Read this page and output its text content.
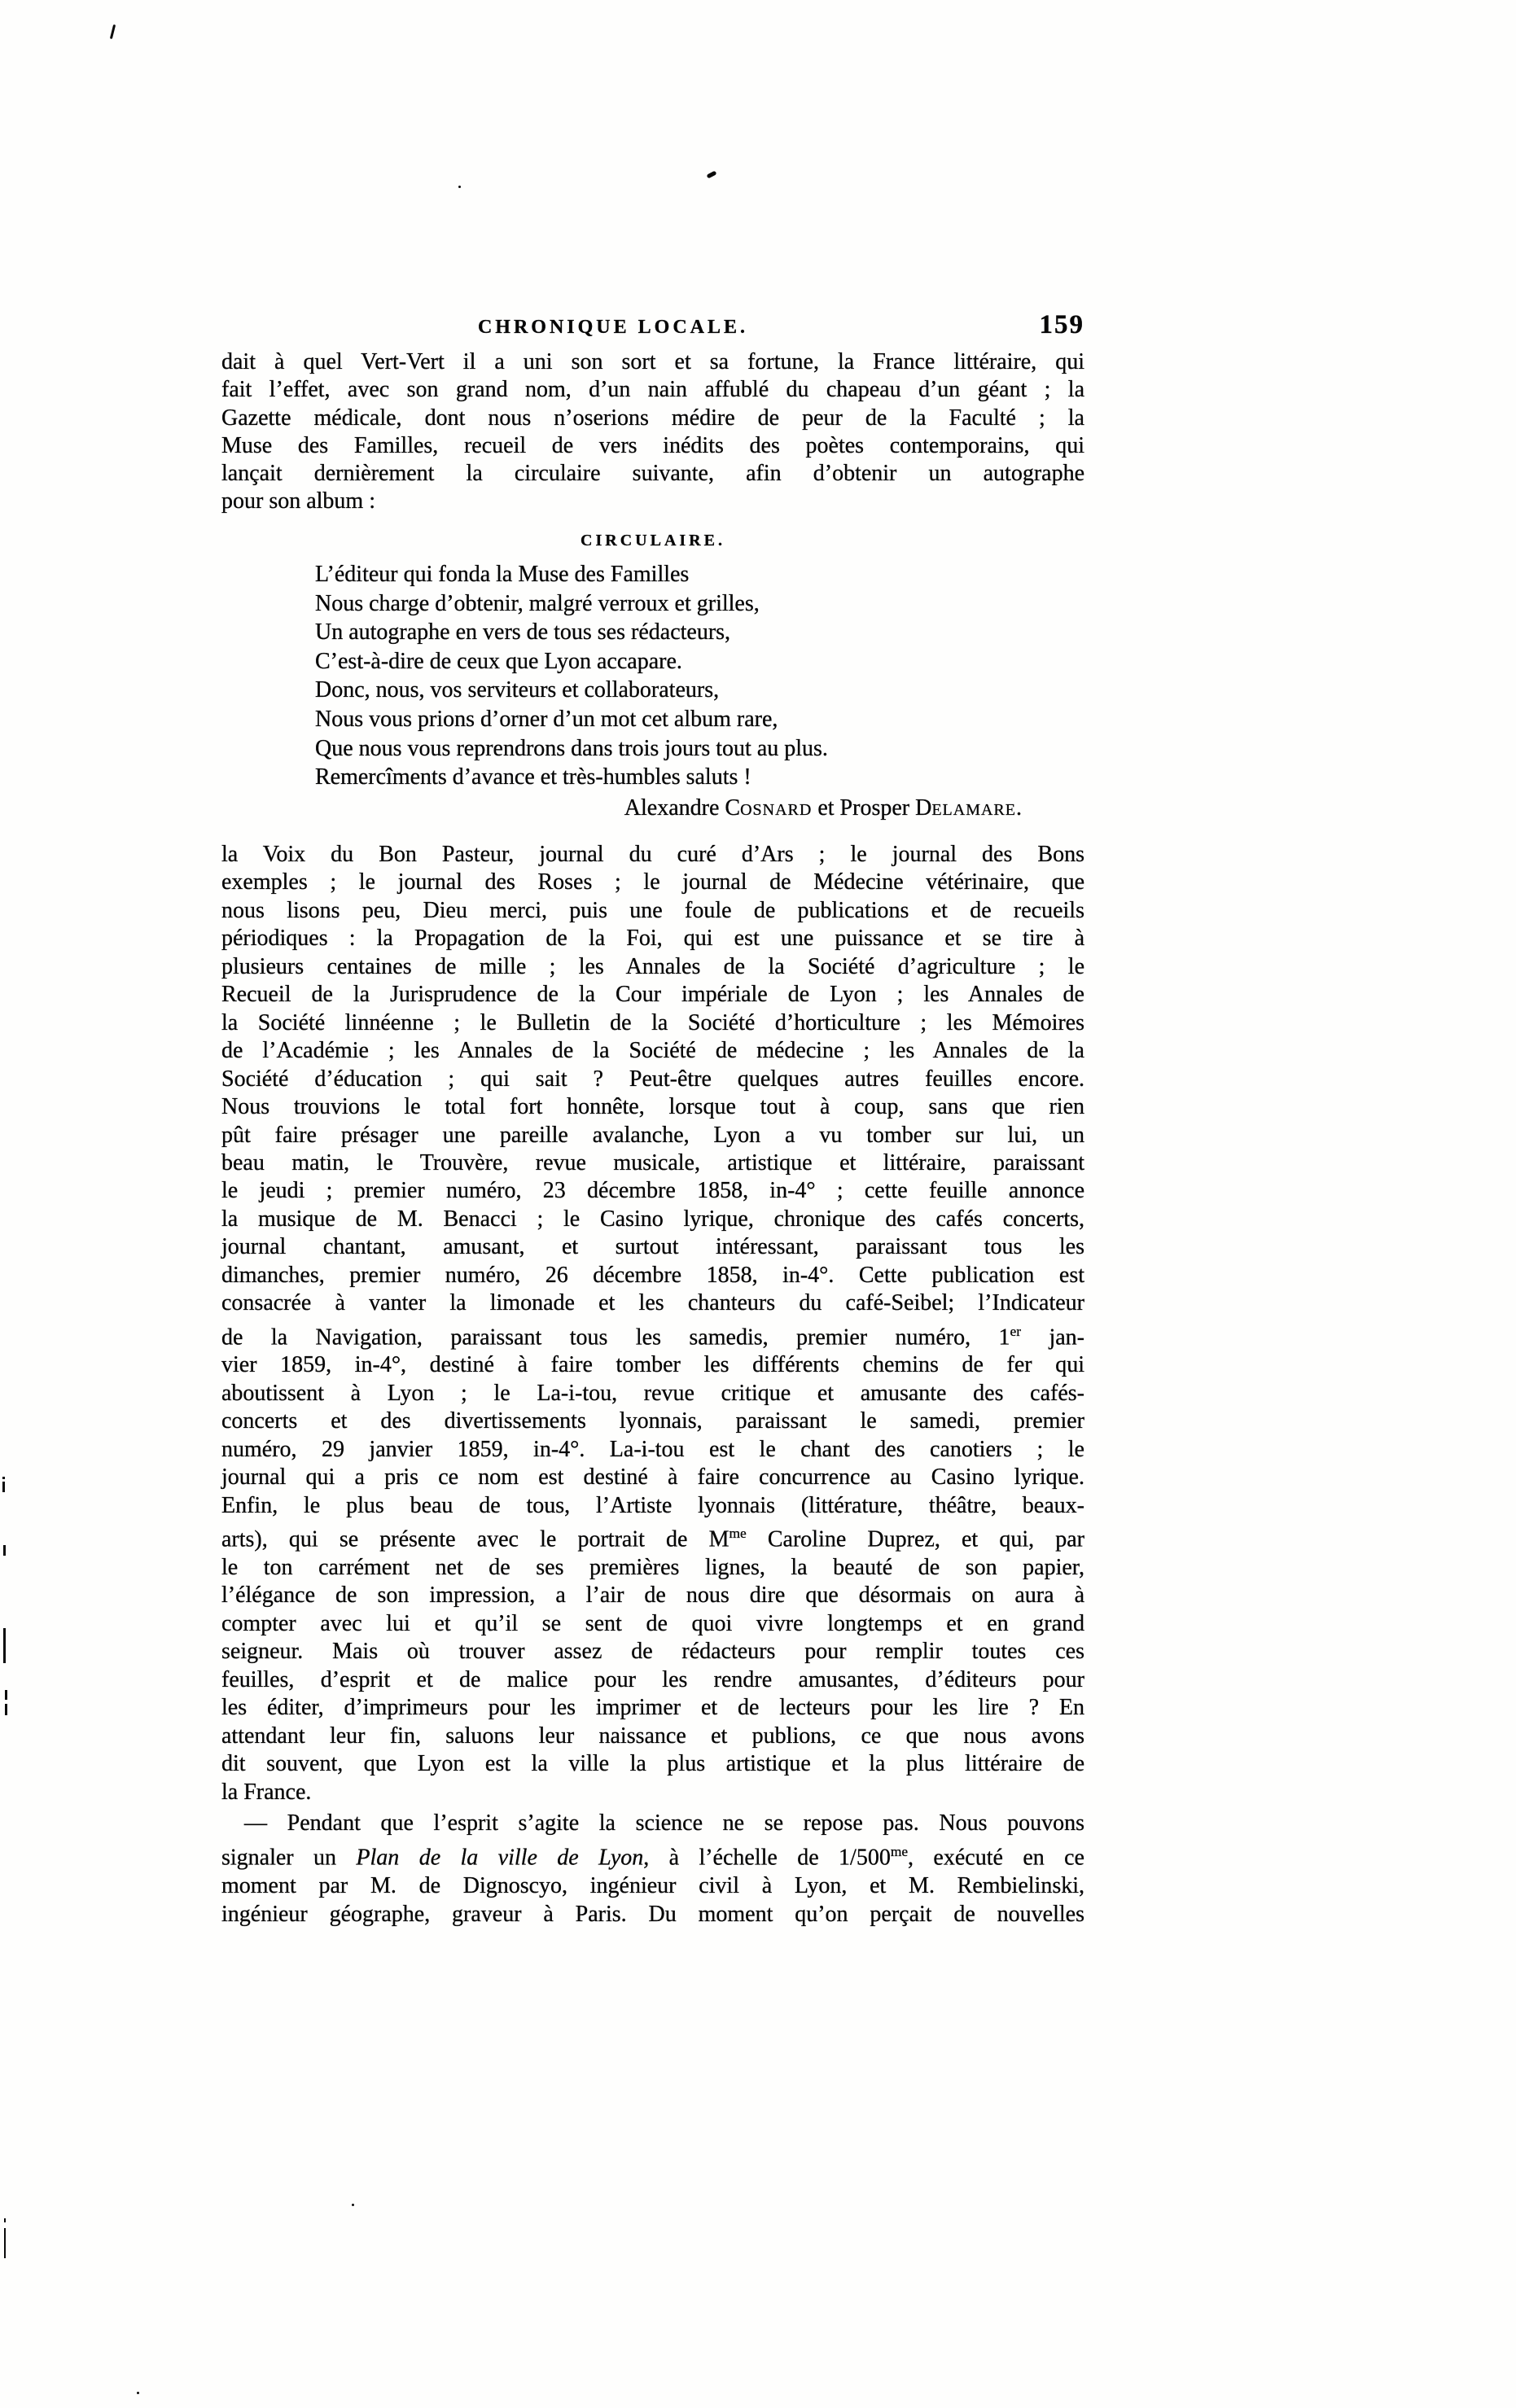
CHRONIQUE LOCALE.	159
dait à quel Vert-Vert il a uni son sort et sa fortune, la France littéraire, qui
fait l’effet, avec son grand nom, d’un nain affublé du chapeau d’un géant ; la
Gazette médicale, dont nous n’oserions médire de peur de la Faculté ; la
Muse des Familles, recueil de vers inédits des poètes contemporains, qui
lançait dernièrement la circulaire suivante, afin d’obtenir un autographe
pour son album :
CIRCULAIRE.
L’éditeur qui fonda la Muse des Familles
Nous charge d’obtenir, malgré verroux et grilles,
Un autographe en vers de tous ses rédacteurs,
C’est-à-dire de ceux que Lyon accapare.
Donc, nous, vos serviteurs et collaborateurs,
Nous vous prions d’orner d’un mot cet album rare,
Que nous vous reprendrons dans trois jours tout au plus.
Remercîments d’avance et très-humbles saluts !
Alexandre Cosnard et Prosper Delamare.
la Voix du Bon Pasteur, journal du curé d’Ars ; le journal des Bons
exemples ; le journal des Roses ; le journal de Médecine vétérinaire, que
nous lisons peu, Dieu merci, puis une foule de publications et de recueils
périodiques : la Propagation de la Foi, qui est une puissance et se tire à
plusieurs centaines de mille ; les Annales de la Société d’agriculture ; le
Recueil de la Jurisprudence de la Cour impériale de Lyon ; les Annales de
la Société linnéenne ; le Bulletin de la Société d’horticulture ; les Mémoires
de l’Académie ; les Annales de la Société de médecine ; les Annales de la
Société d’éducation ; qui sait ? Peut-être quelques autres feuilles encore.
Nous trouvions le total fort honnête, lorsque tout à coup, sans que rien
pût faire présager une pareille avalanche, Lyon a vu tomber sur lui, un
beau matin, le Trouvère, revue musicale, artistique et littéraire, paraissant
le jeudi ; premier numéro, 23 décembre 1858, in-4° ; cette feuille annonce
la musique de M. Benacci ; le Casino lyrique, chronique des cafés concerts,
journal chantant, amusant, et surtout intéressant, paraissant tous les
dimanches, premier numéro, 26 décembre 1858, in-4°. Cette publication est
consacrée à vanter la limonade et les chanteurs du café-Seibel; l’Indicateur
de la Navigation, paraissant tous les samedis, premier numéro, 1er jan-
vier 1859, in-4°, destiné à faire tomber les différents chemins de fer qui
aboutissent à Lyon ; le La-i-tou, revue critique et amusante des cafés-
concerts et des divertissements lyonnais, paraissant le samedi, premier
numéro, 29 janvier 1859, in-4°. La-i-tou est le chant des canotiers ; le
journal qui a pris ce nom est destiné à faire concurrence au Casino lyrique.
Enfin, le plus beau de tous, l’Artiste lyonnais (littérature, théâtre, beaux-
arts), qui se présente avec le portrait de $M^{me}$ Caroline Duprez, et qui, par
le ton carrément net de ses premières lignes, la beauté de son papier,
l’élégance de son impression, a l’air de nous dire que désormais on aura à
compter avec lui et qu’il se sent de quoi vivre longtemps et en grand
seigneur. Mais où trouver assez de rédacteurs pour remplir toutes ces
feuilles, d’esprit et de malice pour les rendre amusantes, d’éditeurs pour
les éditer, d’imprimeurs pour les imprimer et de lecteurs pour les lire ? En
attendant leur fin, saluons leur naissance et publions, ce que nous avons
dit souvent, que Lyon est la ville la plus artistique et la plus littéraire de
la France.
— Pendant que l’esprit s’agite la science ne se repose pas. Nous pouvons
signaler un Plan de la ville de Lyon, à l’échelle de $1/500^{me}$, exécuté en ce
moment par M. de Dignoscyo, ingénieur civil à Lyon, et M. Rembielinski,
ingénieur géographe, graveur à Paris. Du moment qu’on perçait de nouvelles
